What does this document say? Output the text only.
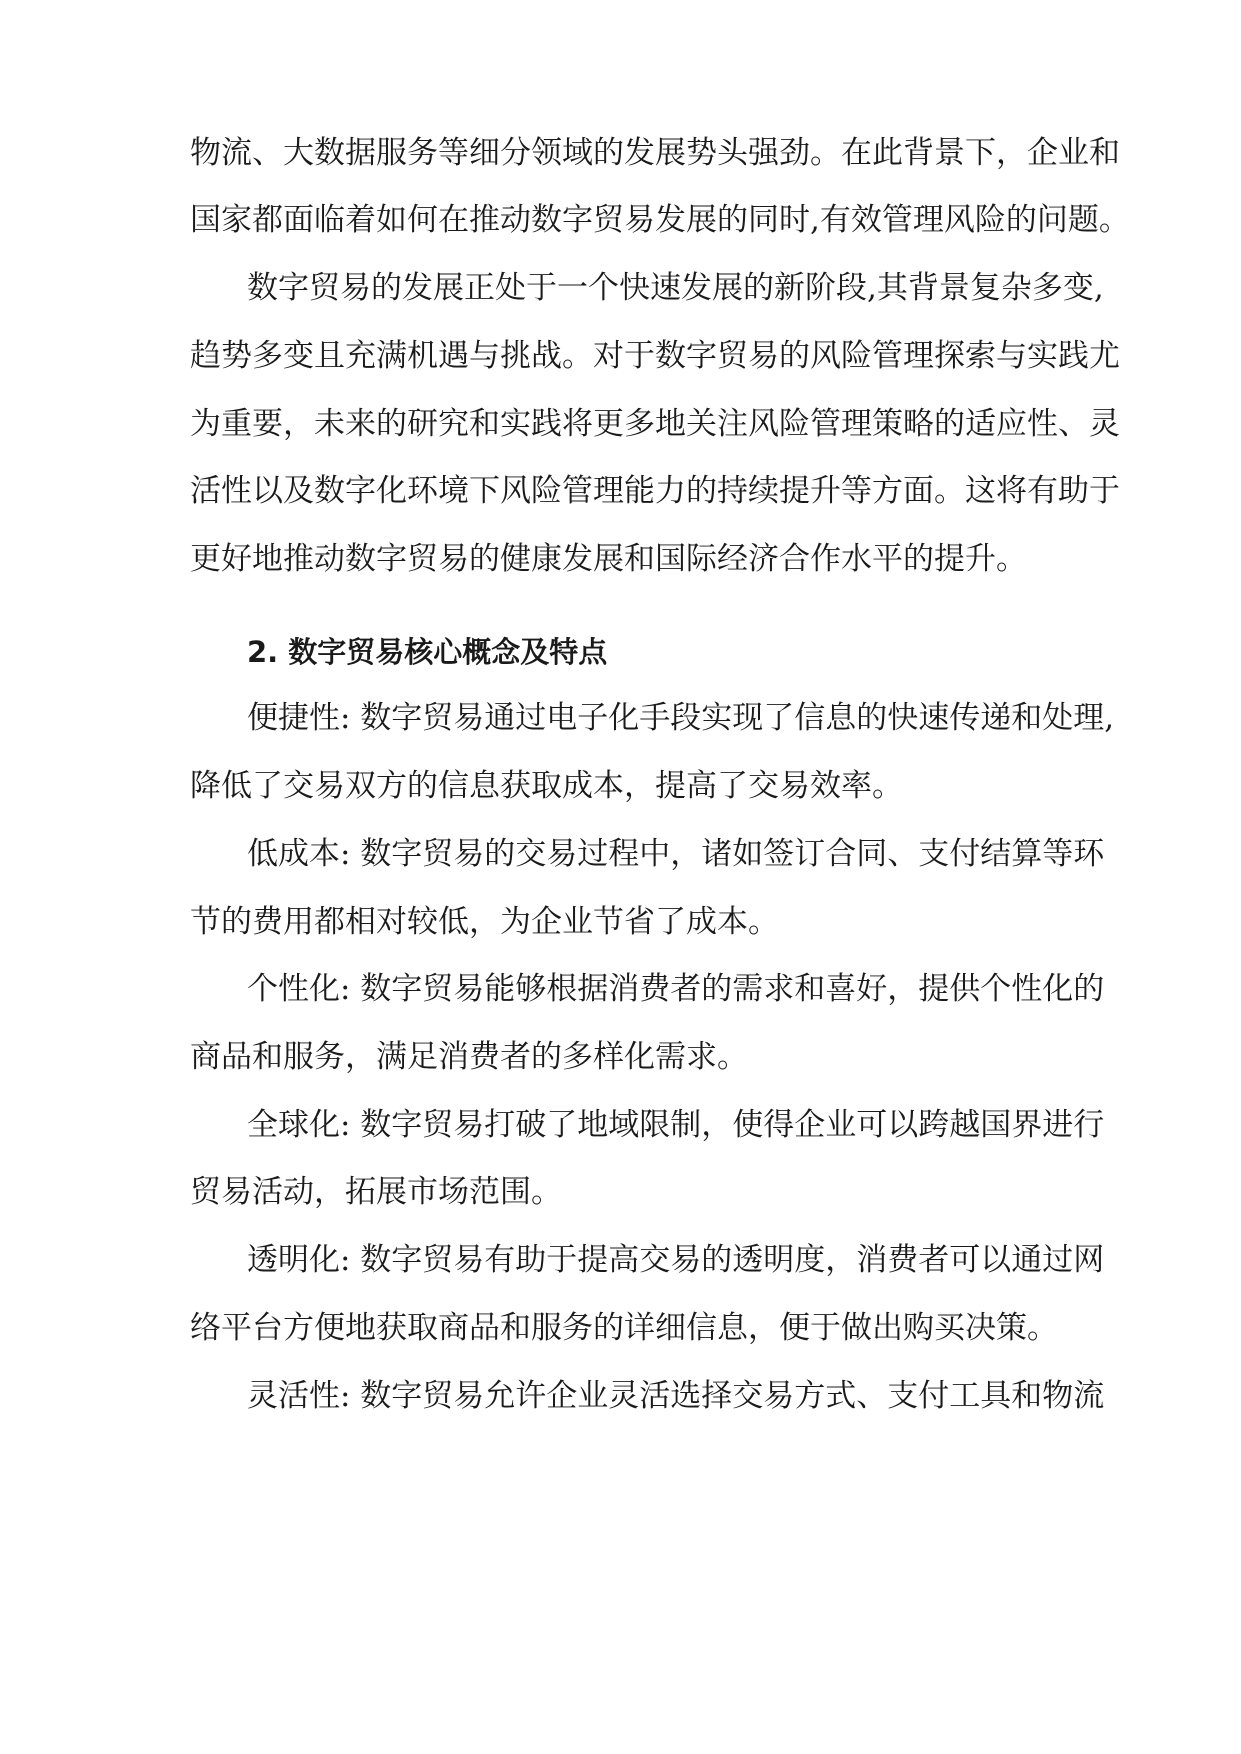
物流、大数据服务等细分领域的发展势头强劲。在此背景下，企业和
国家都面临着如何在推动数字贸易发展的同时,有效管理风险的问题。
数字贸易的发展正处于一个快速发展的新阶段,其背景复杂多变,
趋势多变且充满机遇与挑战。对于数字贸易的风险管理探索与实践尤
为重要，未来的研究和实践将更多地关注风险管理策略的适应性、灵
活性以及数字化环境下风险管理能力的持续提升等方面。这将有助于
更好地推动数字贸易的健康发展和国际经济合作水平的提升。
2. 数字贸易核心概念及特点
便捷性: 数字贸易通过电子化手段实现了信息的快速传递和处理,
降低了交易双方的信息获取成本，提高了交易效率。
低成本: 数字贸易的交易过程中，诸如签订合同、支付结算等环
节的费用都相对较低，为企业节省了成本。
个性化: 数字贸易能够根据消费者的需求和喜好，提供个性化的
商品和服务，满足消费者的多样化需求。
全球化: 数字贸易打破了地域限制，使得企业可以跨越国界进行
贸易活动，拓展市场范围。
透明化: 数字贸易有助于提高交易的透明度，消费者可以通过网
络平台方便地获取商品和服务的详细信息，便于做出购买决策。
灵活性: 数字贸易允许企业灵活选择交易方式、支付工具和物流
